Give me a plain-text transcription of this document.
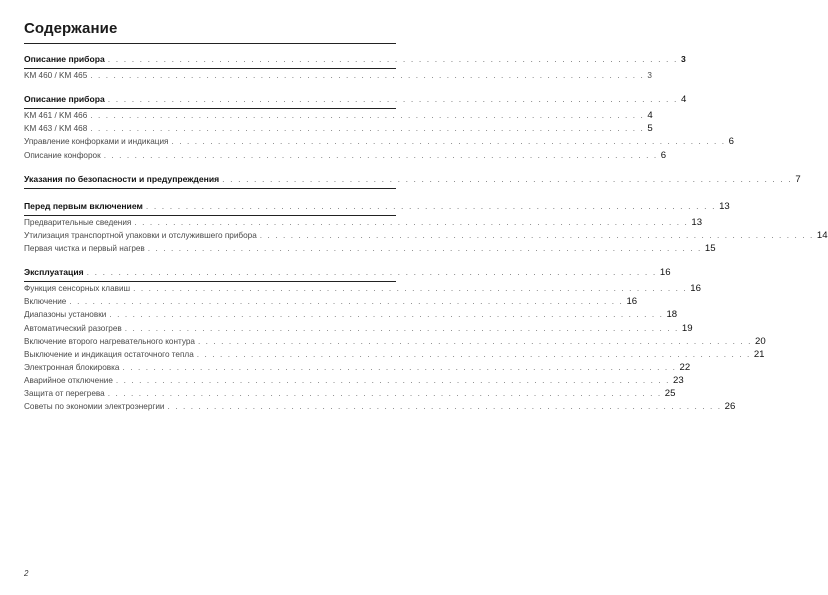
Содержание
Описание прибора . . . . . . . . . . . . . . . . . . . . . . . . . . . . . . . . . . . . . . . . . . . . . . . . . . . . . . . . . . . . . . . . . . . . . . . . 3
KM 460 / KM 465 . . . . . . . . . . . . . . . . . . . . . . . . . . . . . . . . . . . . . . . . . . . . . . . . . . . . . . . . . . . . . . . . . . . . . . . . 3
Описание прибора . . . . . . . . . . . . . . . . . . . . . . . . . . . . . . . . . . . . . . . . . . . . . . . . . . . . . . . . . . . . . . . . . . . . . . . . 4
KM 461 / KM 466 . . . . . . . . . . . . . . . . . . . . . . . . . . . . . . . . . . . . . . . . . . . . . . . . . . . . . . . . . . . . . . . . . . . . . . . . 4
KM 463 / KM 468 . . . . . . . . . . . . . . . . . . . . . . . . . . . . . . . . . . . . . . . . . . . . . . . . . . . . . . . . . . . . . . . . . . . . . . . . 5
Управление конфорками и индикация . . . . . . . . . . . . . . . . . . . . . . . . . . . . . . . . . . . . . . . . . . . . . . . . . . . . . . . . . . . . . . . . . . . . . . . . 6
Описание конфорок . . . . . . . . . . . . . . . . . . . . . . . . . . . . . . . . . . . . . . . . . . . . . . . . . . . . . . . . . . . . . . . . . . . . . . . . 6
Указания по безопасности и предупреждения . . . . . . . . . . . . . . . . . . . . . . . . . . . . . . . . . . . . . . . . . . . . . . . . . . . . . . . . . . . . . . . . . . . . . . . . 7
Перед первым включением . . . . . . . . . . . . . . . . . . . . . . . . . . . . . . . . . . . . . . . . . . . . . . . . . . . . . . . . . . . . . . . . . . . . . . . . 13
Предварительные сведения . . . . . . . . . . . . . . . . . . . . . . . . . . . . . . . . . . . . . . . . . . . . . . . . . . . . . . . . . . . . . . . . . . . . . . . . 13
Утилизация транспортной упаковки и отслужившего прибора . . . . . . . . . . . . . . . . . . . . . . . . . . . . . . . . . . . . . . . . . . . . . . . . . . . . . . . . . . . . . . . . . . . . . . . . 14
Первая чистка и первый нагрев . . . . . . . . . . . . . . . . . . . . . . . . . . . . . . . . . . . . . . . . . . . . . . . . . . . . . . . . . . . . . . . . . . . . . . . . 15
Эксплуатация . . . . . . . . . . . . . . . . . . . . . . . . . . . . . . . . . . . . . . . . . . . . . . . . . . . . . . . . . . . . . . . . . . . . . . . . 16
Функция сенсорных клавиш . . . . . . . . . . . . . . . . . . . . . . . . . . . . . . . . . . . . . . . . . . . . . . . . . . . . . . . . . . . . . . . . . . . . . . . . 16
Включение . . . . . . . . . . . . . . . . . . . . . . . . . . . . . . . . . . . . . . . . . . . . . . . . . . . . . . . . . . . . . . . . . . . . . . . . 16
Диапазоны установки . . . . . . . . . . . . . . . . . . . . . . . . . . . . . . . . . . . . . . . . . . . . . . . . . . . . . . . . . . . . . . . . . . . . . . . . 18
Автоматический разогрев . . . . . . . . . . . . . . . . . . . . . . . . . . . . . . . . . . . . . . . . . . . . . . . . . . . . . . . . . . . . . . . . . . . . . . . . 19
Включение второго нагревательного контура . . . . . . . . . . . . . . . . . . . . . . . . . . . . . . . . . . . . . . . . . . . . . . . . . . . . . . . . . . . . . . . . . . . . . . . . 20
Выключение и индикация остаточного тепла . . . . . . . . . . . . . . . . . . . . . . . . . . . . . . . . . . . . . . . . . . . . . . . . . . . . . . . . . . . . . . . . . . . . . . . . 21
Электронная блокировка . . . . . . . . . . . . . . . . . . . . . . . . . . . . . . . . . . . . . . . . . . . . . . . . . . . . . . . . . . . . . . . . . . . . . . . . 22
Аварийное отключение . . . . . . . . . . . . . . . . . . . . . . . . . . . . . . . . . . . . . . . . . . . . . . . . . . . . . . . . . . . . . . . . . . . . . . . . 23
Защита от перегрева . . . . . . . . . . . . . . . . . . . . . . . . . . . . . . . . . . . . . . . . . . . . . . . . . . . . . . . . . . . . . . . . . . . . . . . . 25
Советы по экономии электроэнергии . . . . . . . . . . . . . . . . . . . . . . . . . . . . . . . . . . . . . . . . . . . . . . . . . . . . . . . . . . . . . . . . . . . . . . . . 26
2
